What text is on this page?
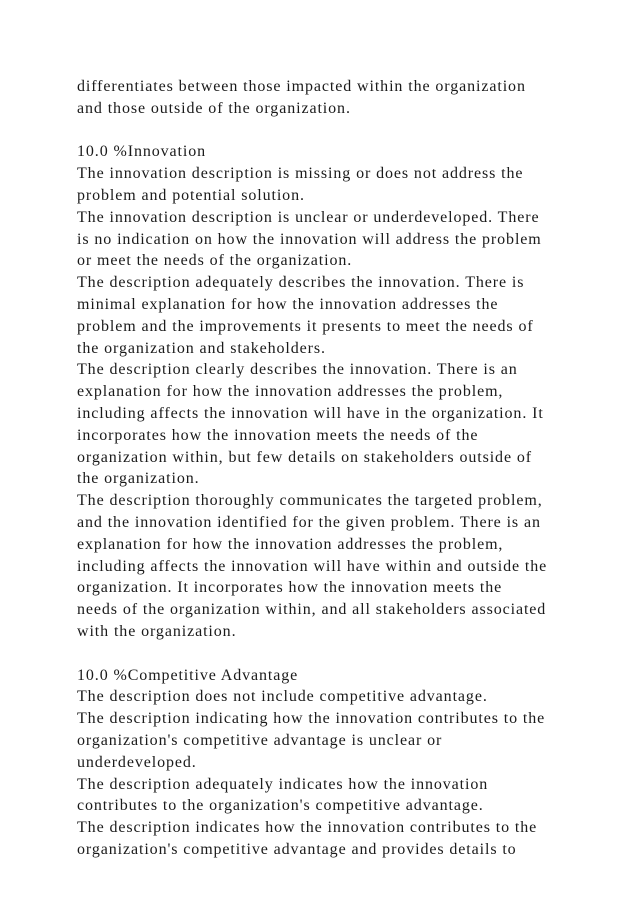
differentiates between those impacted within the organization
and those outside of the organization.
10.0 %Innovation
The innovation description is missing or does not address the
problem and potential solution.
The innovation description is unclear or underdeveloped. There
is no indication on how the innovation will address the problem
or meet the needs of the organization.
The description adequately describes the innovation. There is
minimal explanation for how the innovation addresses the
problem and the improvements it presents to meet the needs of
the organization and stakeholders.
The description clearly describes the innovation. There is an
explanation for how the innovation addresses the problem,
including affects the innovation will have in the organization. It
incorporates how the innovation meets the needs of the
organization within, but few details on stakeholders outside of
the organization.
The description thoroughly communicates the targeted problem,
and the innovation identified for the given problem. There is an
explanation for how the innovation addresses the problem,
including affects the innovation will have within and outside the
organization. It incorporates how the innovation meets the
needs of the organization within, and all stakeholders associated
with the organization.
10.0 %Competitive Advantage
The description does not include competitive advantage.
The description indicating how the innovation contributes to the
organization's competitive advantage is unclear or
underdeveloped.
The description adequately indicates how the innovation
contributes to the organization's competitive advantage.
The description indicates how the innovation contributes to the
organization's competitive advantage and provides details to
